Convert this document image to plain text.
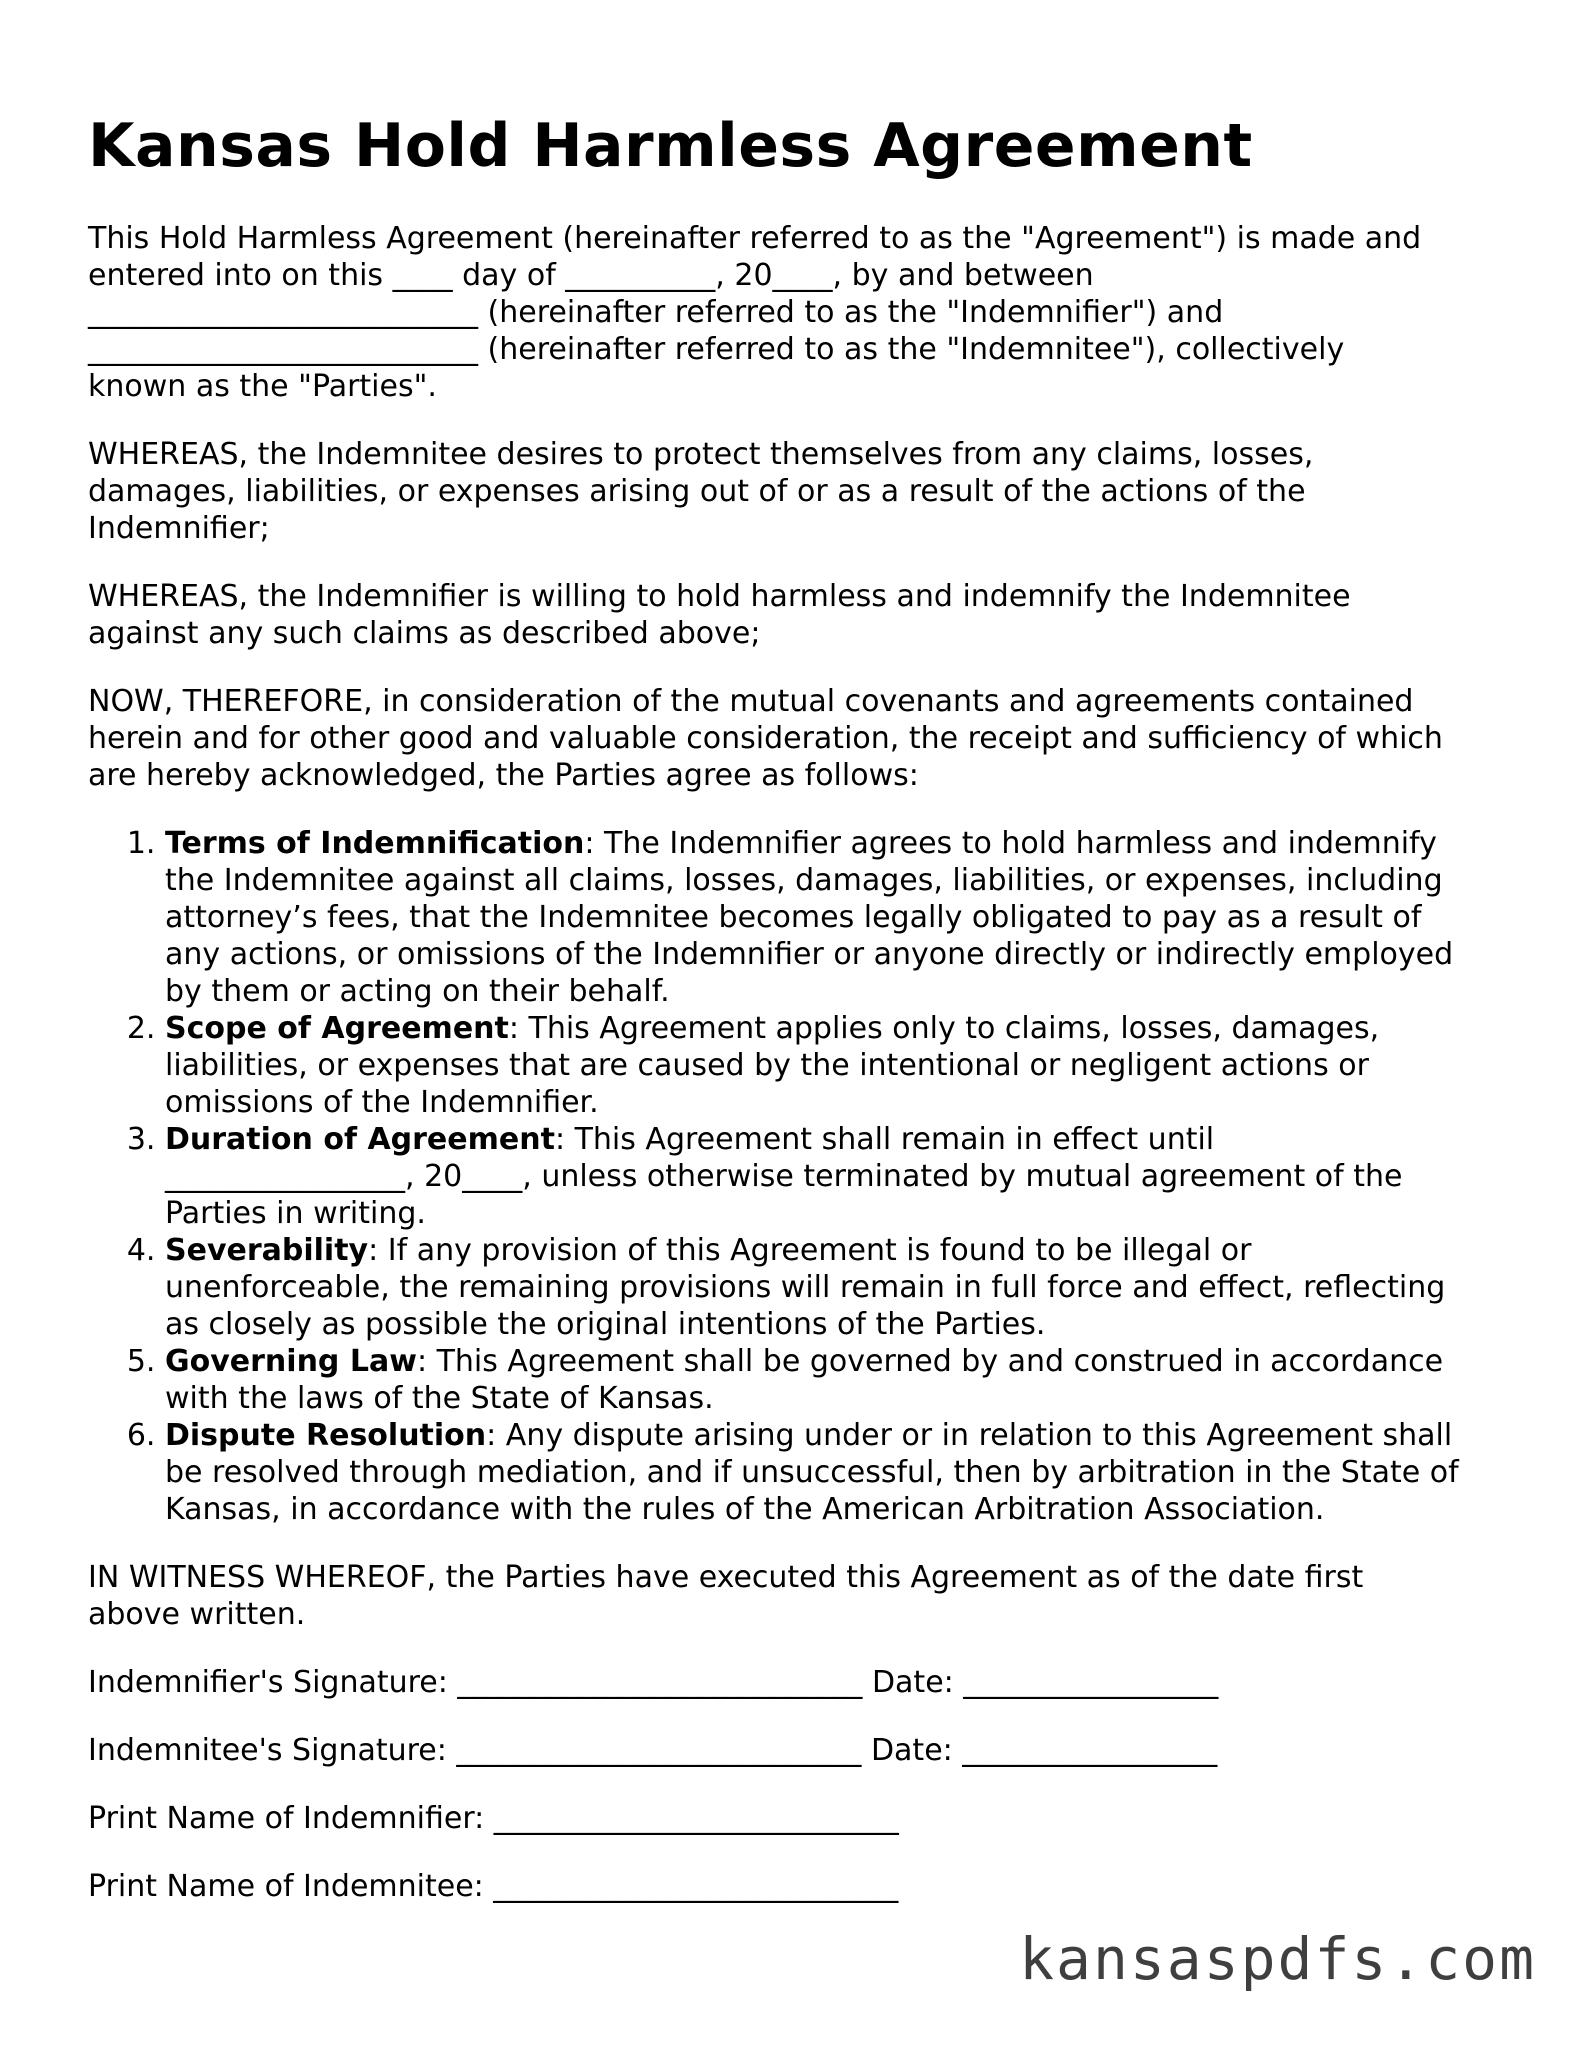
Kansas Hold Harmless Agreement

This Hold Harmless Agreement (hereinafter referred to as the "Agreement") is made and
entered into on this ____ day of __________, 20____, by and between
__________________________ (hereinafter referred to as the "Indemnifier") and
__________________________ (hereinafter referred to as the "Indemnitee"), collectively
known as the "Parties".

WHEREAS, the Indemnitee desires to protect themselves from any claims, losses,
damages, liabilities, or expenses arising out of or as a result of the actions of the
Indemnifier;

WHEREAS, the Indemnifier is willing to hold harmless and indemnify the Indemnitee
against any such claims as described above;

NOW, THEREFORE, in consideration of the mutual covenants and agreements contained
herein and for other good and valuable consideration, the receipt and sufficiency of which
are hereby acknowledged, the Parties agree as follows:

1. Terms of Indemnification: The Indemnifier agrees to hold harmless and indemnify
the Indemnitee against all claims, losses, damages, liabilities, or expenses, including
attorney’s fees, that the Indemnitee becomes legally obligated to pay as a result of
any actions, or omissions of the Indemnifier or anyone directly or indirectly employed
by them or acting on their behalf.
2. Scope of Agreement: This Agreement applies only to claims, losses, damages,
liabilities, or expenses that are caused by the intentional or negligent actions or
omissions of the Indemnifier.
3. Duration of Agreement: This Agreement shall remain in effect until
________________, 20____, unless otherwise terminated by mutual agreement of the
Parties in writing.
4. Severability: If any provision of this Agreement is found to be illegal or
unenforceable, the remaining provisions will remain in full force and effect, reflecting
as closely as possible the original intentions of the Parties.
5. Governing Law: This Agreement shall be governed by and construed in accordance
with the laws of the State of Kansas.
6. Dispute Resolution: Any dispute arising under or in relation to this Agreement shall
be resolved through mediation, and if unsuccessful, then by arbitration in the State of
Kansas, in accordance with the rules of the American Arbitration Association.

IN WITNESS WHEREOF, the Parties have executed this Agreement as of the date first
above written.

Indemnifier's Signature: ___________________________ Date: _________________
Indemnitee's Signature: ___________________________ Date: _________________
Print Name of Indemnifier: ___________________________
Print Name of Indemnitee: ___________________________
kansaspdfs.com
